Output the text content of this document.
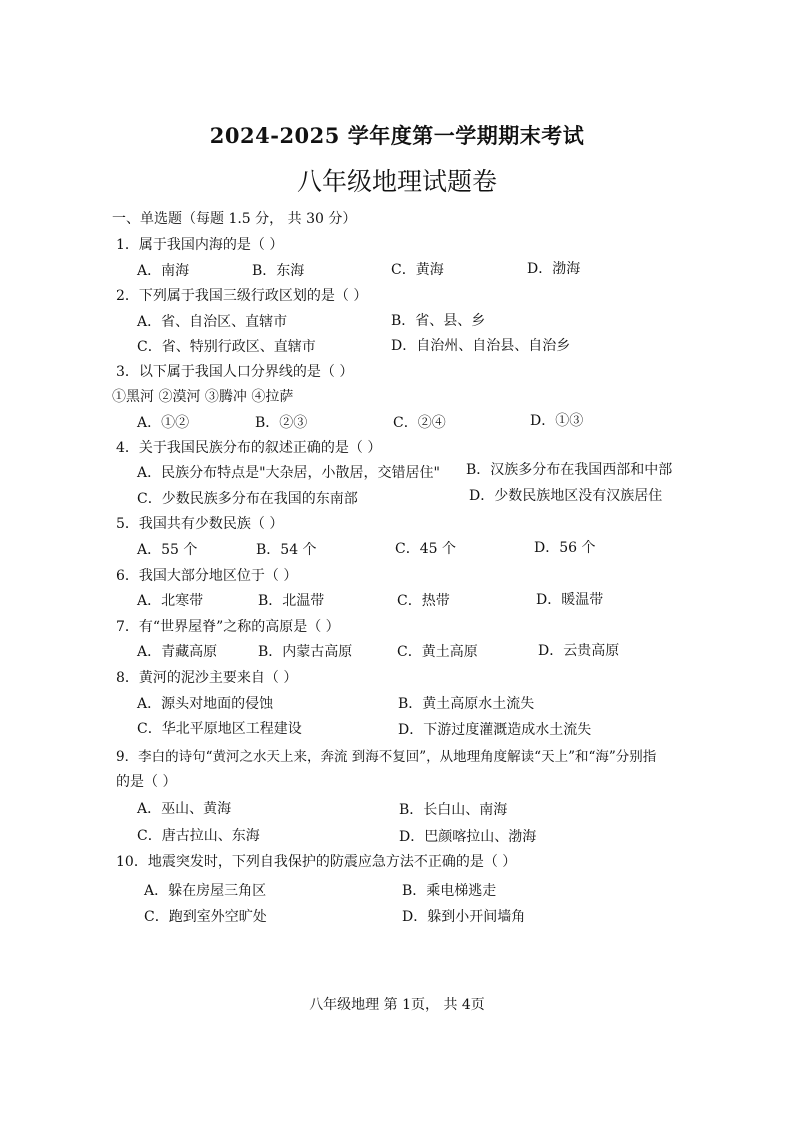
2024-2025 学年度第一学期期末考试
八年级地理试题卷
一、单选题（每题 1.5 分， 共 30 分）
1．属于我国内海的是（ ）
A．南海	B．东海	C．黄海	D．渤海
2．下列属于我国三级行政区划的是（ ）
A．省、自治区、直辖市	B．省、县、乡
C．省、特别行政区、直辖市	D．自治州、自治县、自治乡
3．以下属于我国人口分界线的是（ ）
①黑河 ②漠河 ③腾冲 ④拉萨
A．①②	B．②③	C．②④	D．①③
4．关于我国民族分布的叙述正确的是（ ）
A．民族分布特点是"大杂居，小散居，交错居住" B．汉族多分布在我国西部和中部
C．少数民族多分布在我国的东南部	D．少数民族地区没有汉族居住
5．我国共有少数民族（ ）
A．55 个	B．54 个	C．45 个	D．56 个
6．我国大部分地区位于（ ）
A．北寒带	B．北温带	C．热带	D．暖温带
7．有“世界屋脊”之称的高原是（ ）
A．青藏高原	B．内蒙古高原	C．黄土高原	D．云贵高原
8．黄河的泥沙主要来自（ ）
A．源头对地面的侵蚀	B．黄土高原水土流失
C．华北平原地区工程建设	D．下游过度灌溉造成水土流失
9．李白的诗句“黄河之水天上来，奔流 到海不复回”，从地理角度解读“天上”和“海”分别指
的是（ ）
A．巫山、黄海	B．长白山、南海
C．唐古拉山、东海	D．巴颜喀拉山、渤海
10．地震突发时，下列自我保护的防震应急方法不正确的是（ ）
A．躲在房屋三角区	B．乘电梯逃走
C．跑到室外空旷处	D．躲到小开间墙角
八年级地理 第 1页， 共 4页
